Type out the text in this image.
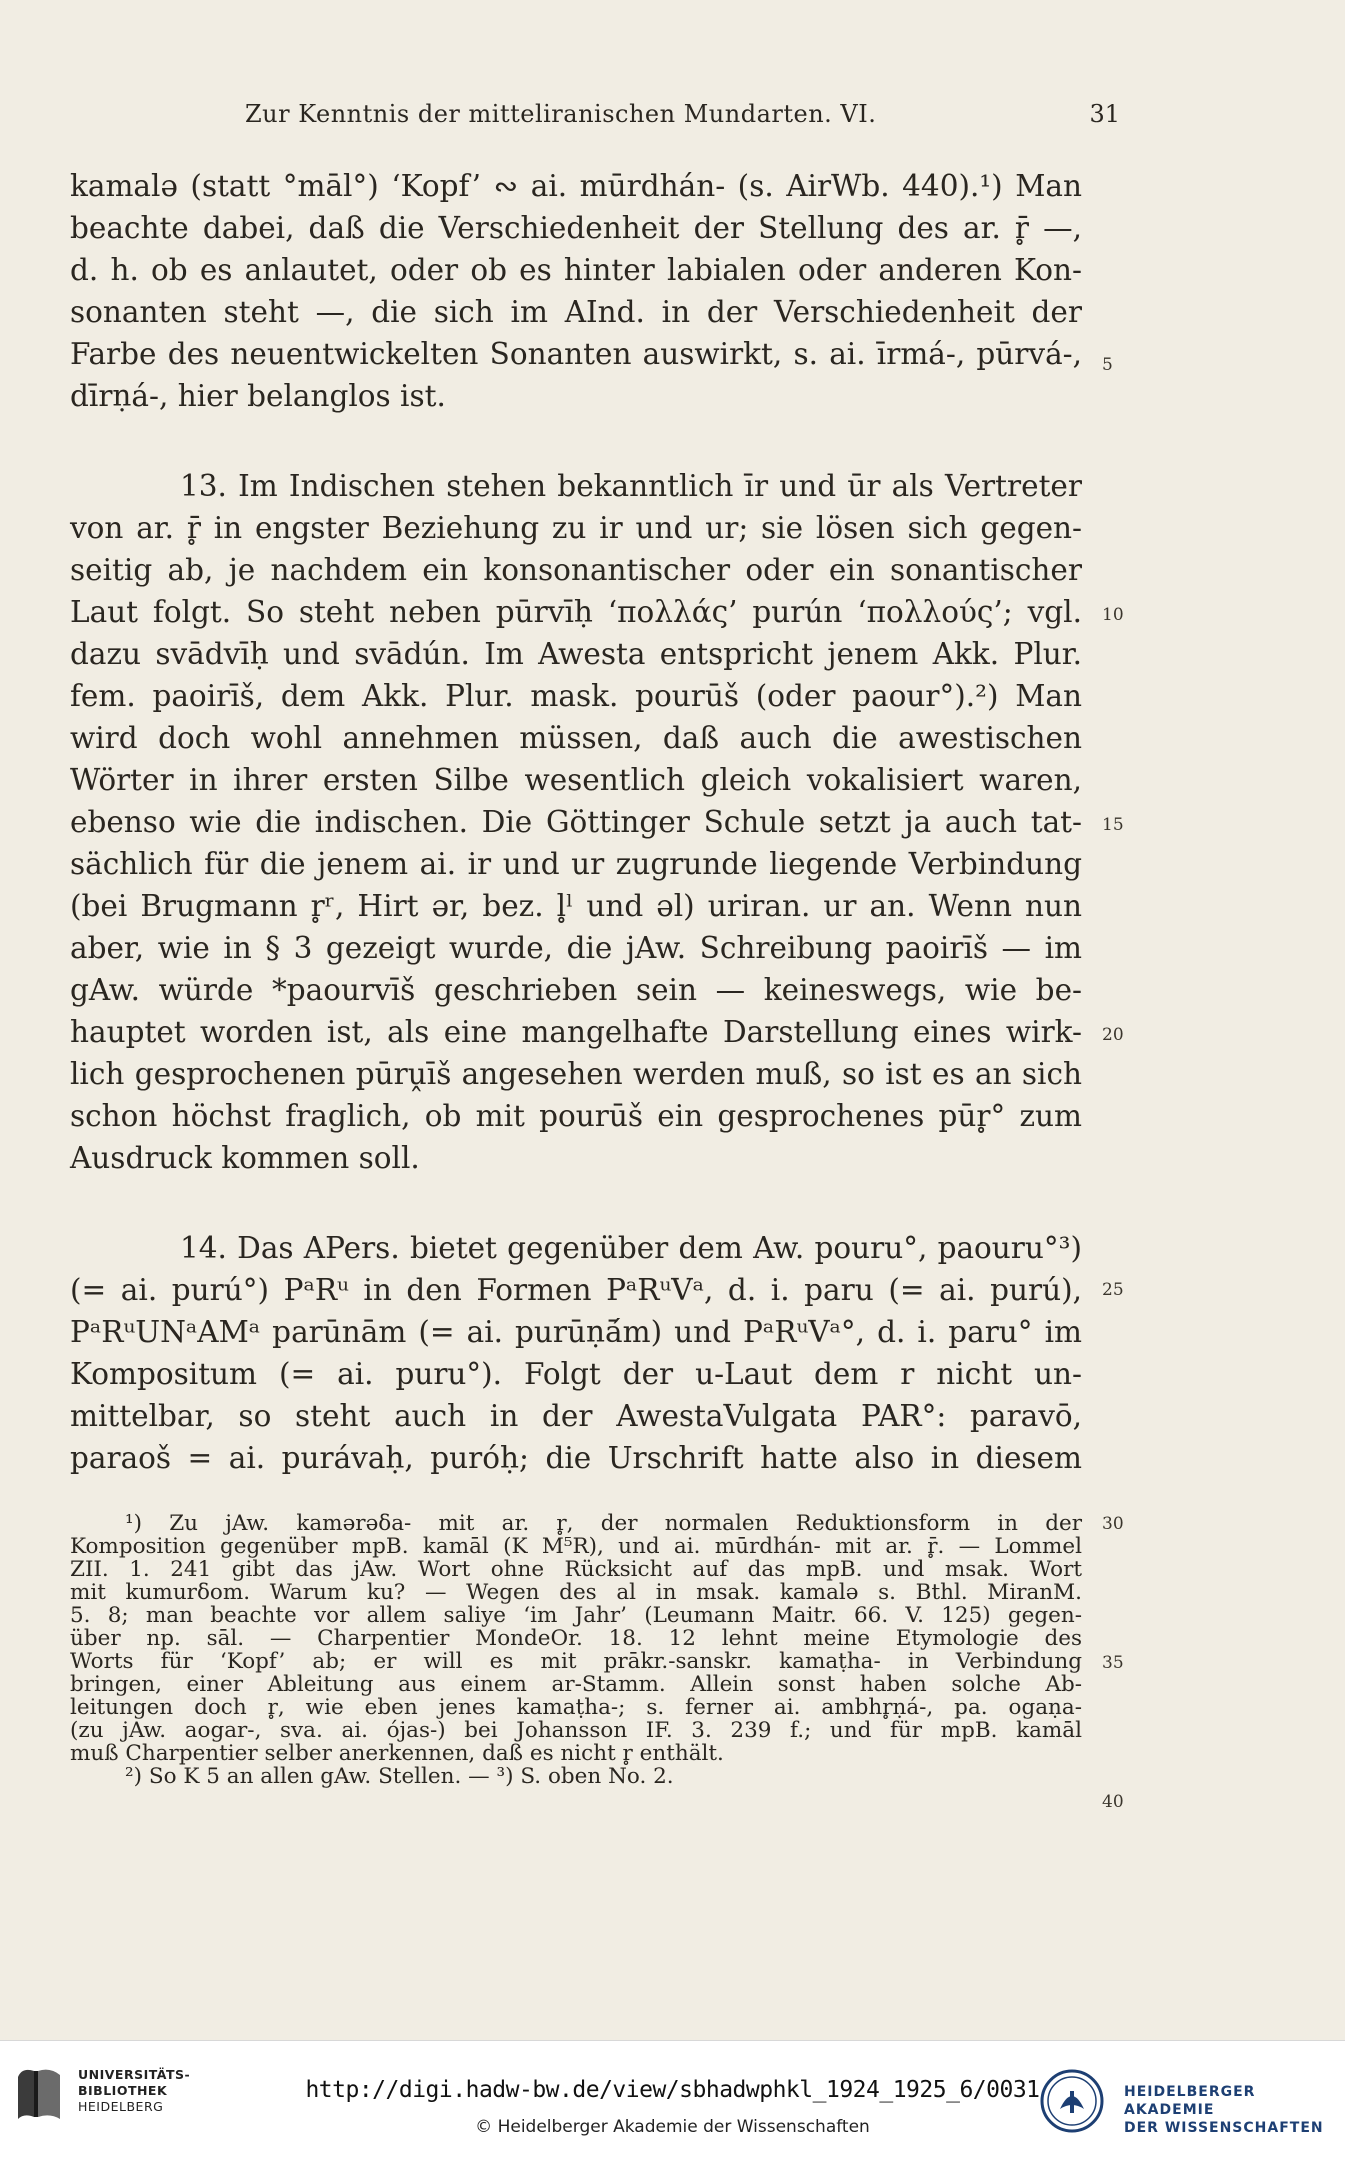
Zur Kenntnis der mitteliranischen Mundarten. VI.	31
kamalə (statt °māl°) ‘Kopf’ ∾ ai. mūrdhán- (s. AirWb. 440).¹) Man
beachte dabei, daß die Verschiedenheit der Stellung des ar. r̥̄ —,
d. h. ob es anlautet, oder ob es hinter labialen oder anderen Kon-
sonanten steht —, die sich im AInd. in der Verschiedenheit der
Farbe des neuentwickelten Sonanten auswirkt, s. ai. īrmá-, pūrvá-,
dīrṇá-, hier belanglos ist.
13. Im Indischen stehen bekanntlich īr und ūr als Vertreter
von ar. r̥̄ in engster Beziehung zu ir und ur; sie lösen sich gegen-
seitig ab, je nachdem ein konsonantischer oder ein sonantischer
Laut folgt. So steht neben pūrvīḥ ‘πολλάς’ purún ‘πολλούς’; vgl.
dazu svādvīḥ und svādún. Im Awesta entspricht jenem Akk. Plur.
fem. paoirīš, dem Akk. Plur. mask. pourūš (oder paour°).²) Man
wird doch wohl annehmen müssen, daß auch die awestischen
Wörter in ihrer ersten Silbe wesentlich gleich vokalisiert waren,
ebenso wie die indischen. Die Göttinger Schule setzt ja auch tat-
sächlich für die jenem ai. ir und ur zugrunde liegende Verbindung
(bei Brugmann r̥ʳ, Hirt ər, bez. l̥ˡ und əl) uriran. ur an. Wenn nun
aber, wie in § 3 gezeigt wurde, die jAw. Schreibung paoirīš — im
gAw. würde *paourvīš geschrieben sein — keineswegs, wie be-
hauptet worden ist, als eine mangelhafte Darstellung eines wirk-
lich gesprochenen pūrṷīš angesehen werden muß, so ist es an sich
schon höchst fraglich, ob mit pourūš ein gesprochenes pūr̥° zum
Ausdruck kommen soll.
14. Das APers. bietet gegenüber dem Aw. pouru°, paouru°³)
(= ai. purú°) PᵃRᵘ in den Formen PᵃRᵘVᵃ, d. i. paru (= ai. purú),
PᵃRᵘUNᵃAMᵃ parūnām (= ai. purūṇā́m) und PᵃRᵘVᵃ°, d. i. paru° im
Kompositum (= ai. puru°). Folgt der u-Laut dem r nicht un-
mittelbar, so steht auch in der AwestaVulgata PAR°: paravō,
paraoš = ai. purávaḥ, puróḥ; die Urschrift hatte also in diesem
5
10
15
20
25
30
35
40
¹) Zu jAw. kamərəδa- mit ar. r̥, der normalen Reduktionsform in der
Komposition gegenüber mpB. kamāl (K M⁵R), und ai. mūrdhán- mit ar. r̥̄. — Lommel
ZII. 1. 241 gibt das jAw. Wort ohne Rücksicht auf das mpB. und msak. Wort
mit kumurδom. Warum ku? — Wegen des al in msak. kamalə s. Bthl. MiranM.
5. 8; man beachte vor allem saliye ‘im Jahr’ (Leumann Maitr. 66. V. 125) gegen-
über np. sāl. — Charpentier MondeOr. 18. 12 lehnt meine Etymologie des
Worts für ‘Kopf’ ab; er will es mit prākr.-sanskr. kamaṭha- in Verbindung
bringen, einer Ableitung aus einem ar-Stamm. Allein sonst haben solche Ab-
leitungen doch r̥, wie eben jenes kamaṭha-; s. ferner ai. ambhr̥ṇá-, pa. ogaṇa-
(zu jAw. aogar-, sva. ai. ójas-) bei Johansson IF. 3. 239 f.; und für mpB. kamāl
muß Charpentier selber anerkennen, daß es nicht r̥ enthält.
²) So K 5 an allen gAw. Stellen. — ³) S. oben No. 2.
UNIVERSITÄTS-
BIBLIOTHEK
HEIDELBERG
http://digi.hadw-bw.de/view/sbhadwphkl_1924_1925_6/0031
© Heidelberger Akademie der Wissenschaften
HEIDELBERGER AKADEMIE
DER WISSENSCHAFTEN
